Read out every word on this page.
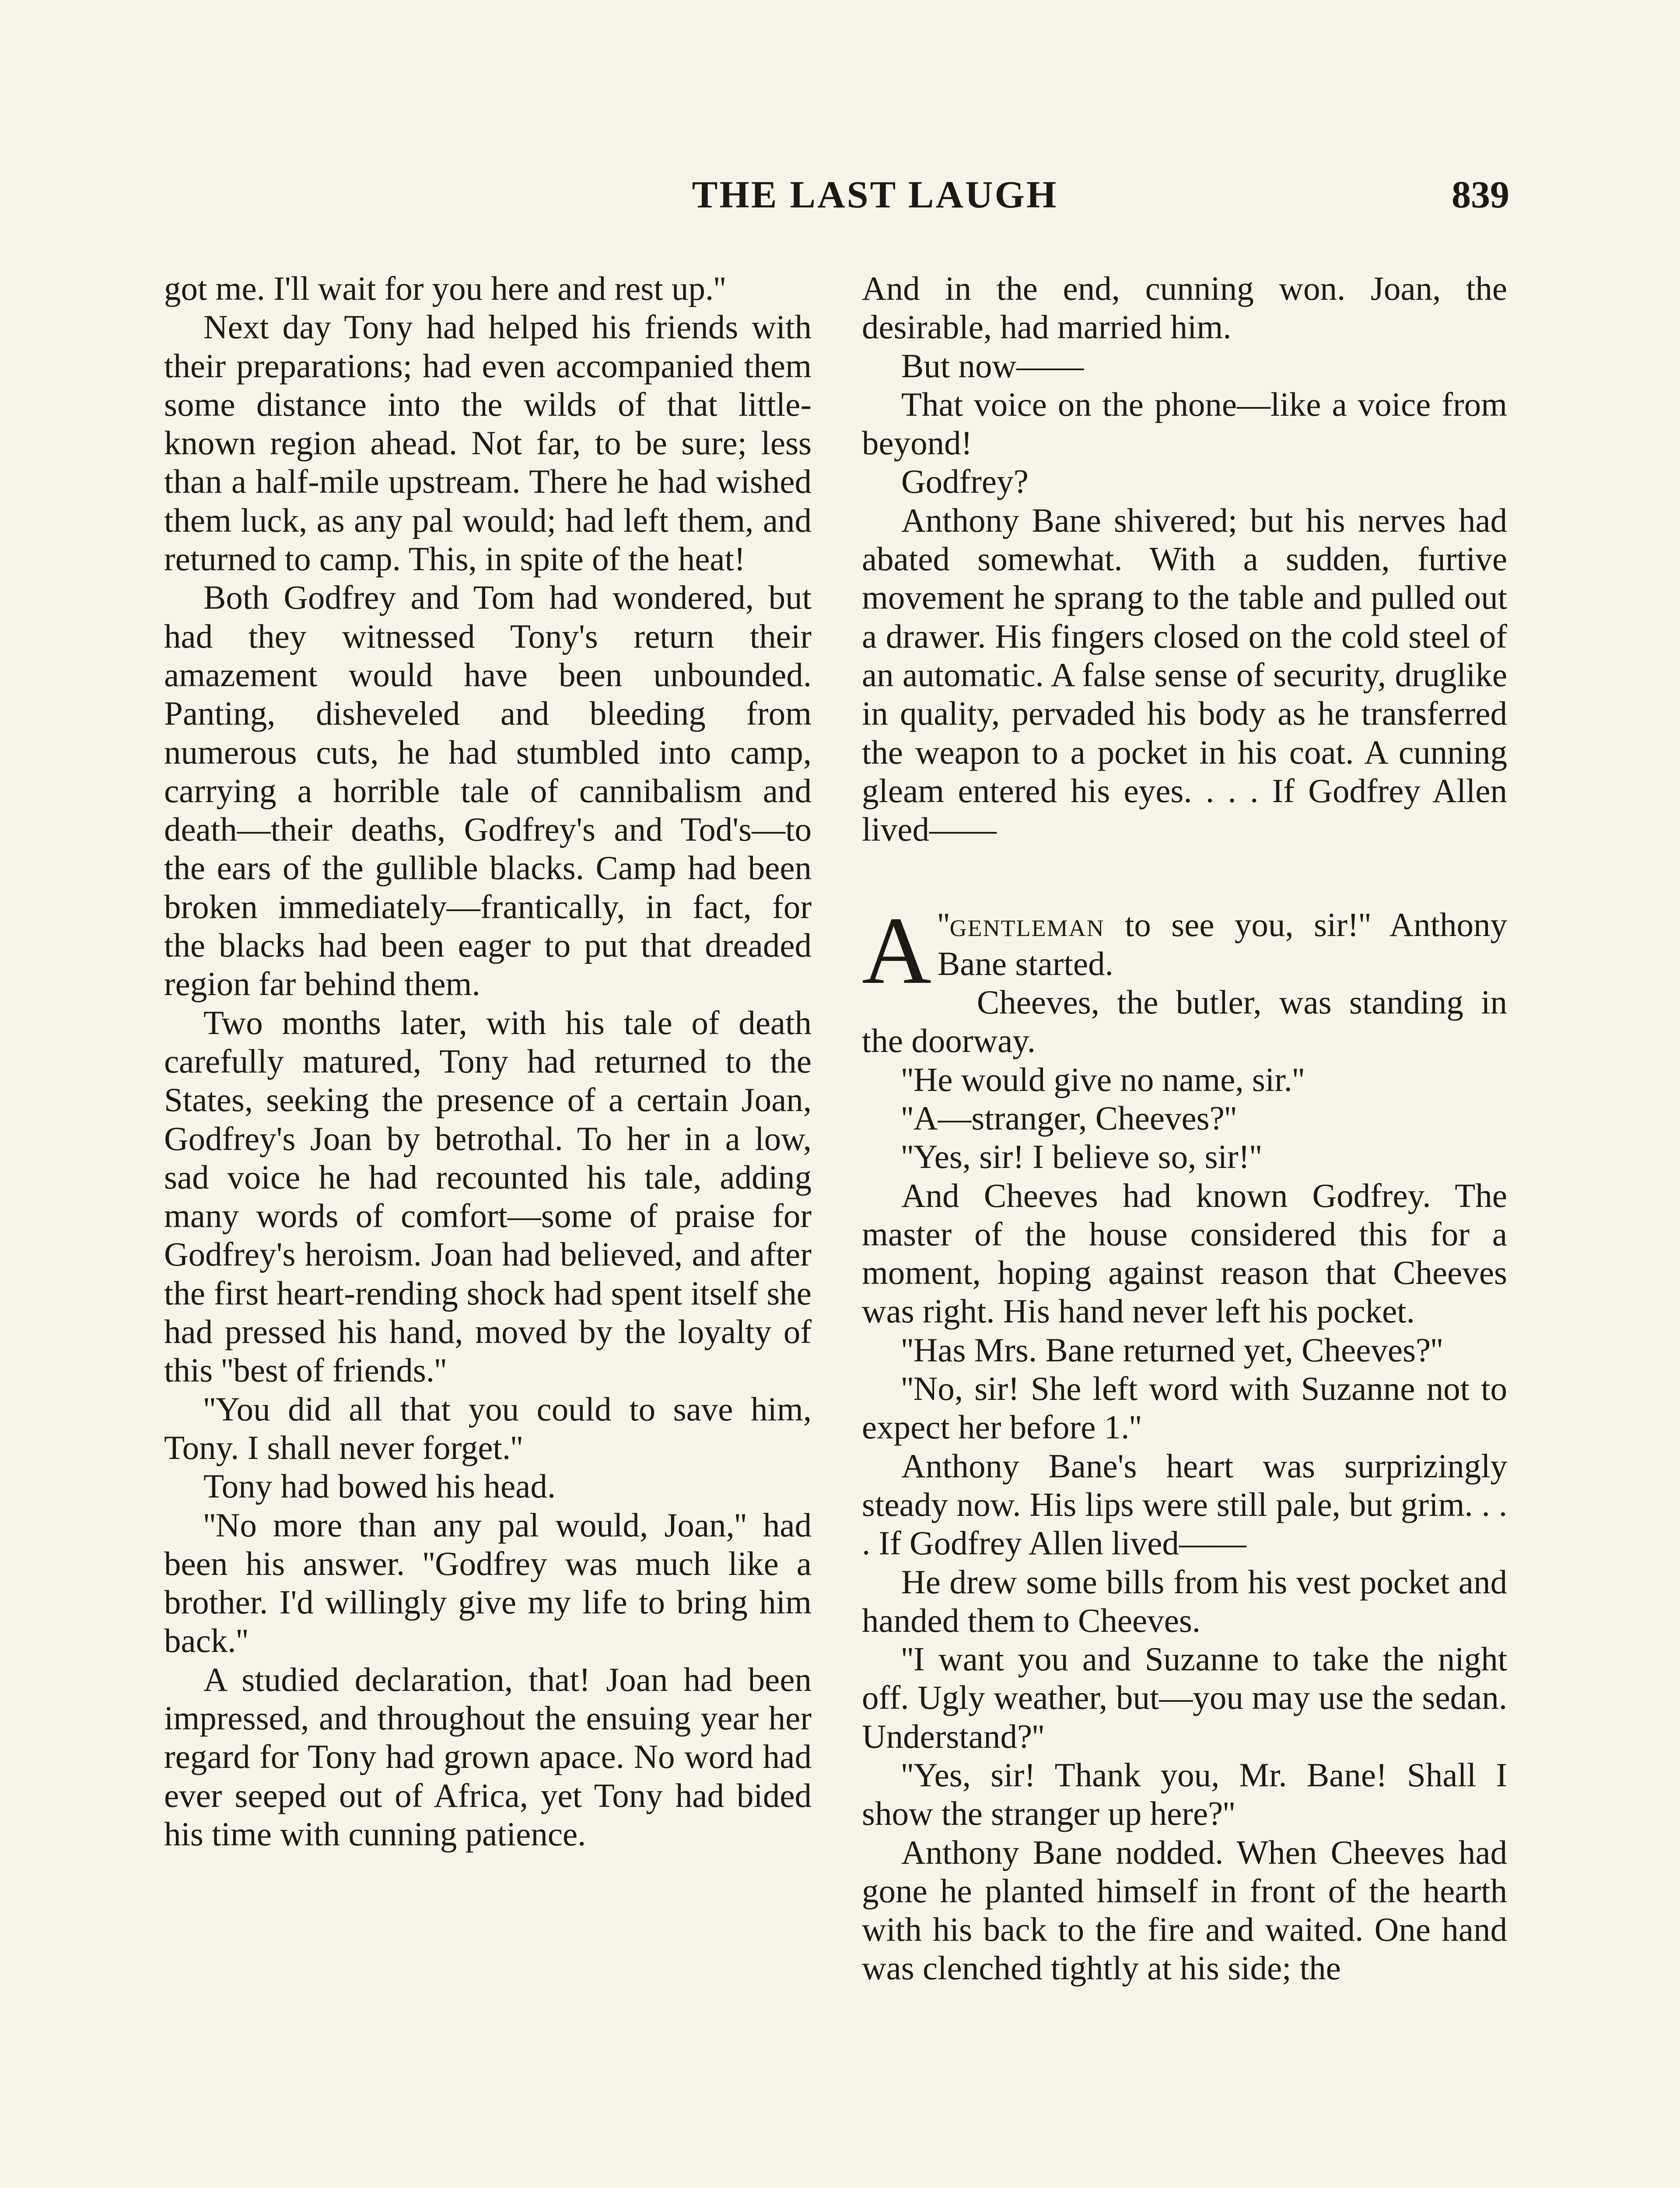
THE LAST LAUGH	839

got me. I'll wait for you here and rest up.''

Next day Tony had helped his friends with their preparations; had even accompanied them some distance into the wilds of that little-known region ahead. Not far, to be sure; less than a half-mile upstream. There he had wished them luck, as any pal would; had left them, and returned to camp. This, in spite of the heat!

Both Godfrey and Tom had wondered, but had they witnessed Tony's return their amazement would have been unbounded. Panting, disheveled and bleeding from numerous cuts, he had stumbled into camp, carrying a horrible tale of cannibalism and death—their deaths, Godfrey's and Tod's—to the ears of the gullible blacks. Camp had been broken immediately—frantically, in fact, for the blacks had been eager to put that dreaded region far behind them.

Two months later, with his tale of death carefully matured, Tony had returned to the States, seeking the presence of a certain Joan, Godfrey's Joan by betrothal. To her in a low, sad voice he had recounted his tale, adding many words of comfort—some of praise for Godfrey's heroism. Joan had believed, and after the first heart-rending shock had spent itself she had pressed his hand, moved by the loyalty of this ''best of friends.''

''You did all that you could to save him, Tony. I shall never forget.''

Tony had bowed his head.

''No more than any pal would, Joan,'' had been his answer. ''Godfrey was much like a brother. I'd willingly give my life to bring him back.''

A studied declaration, that! Joan had been impressed, and throughout the ensuing year her regard for Tony had grown apace. No word had ever seeped out of Africa, yet Tony had bided his time with cunning patience.

And in the end, cunning won. Joan, the desirable, had married him.

But now——

That voice on the phone—like a voice from beyond!

Godfrey?

Anthony Bane shivered; but his nerves had abated somewhat. With a sudden, furtive movement he sprang to the table and pulled out a drawer. His fingers closed on the cold steel of an automatic. A false sense of security, druglike in quality, pervaded his body as he transferred the weapon to a pocket in his coat. A cunning gleam entered his eyes. . . . If Godfrey Allen lived——

''
A gentleman to see you, sir!'' Anthony Bane started.

Cheeves, the butler, was standing in the doorway.

''He would give no name, sir.''

''A—stranger, Cheeves?''

''Yes, sir! I believe so, sir!''

And Cheeves had known Godfrey. The master of the house considered this for a moment, hoping against reason that Cheeves was right. His hand never left his pocket.

''Has Mrs. Bane returned yet, Cheeves?''

''No, sir! She left word with Suzanne not to expect her before 1.''

Anthony Bane's heart was surprizingly steady now. His lips were still pale, but grim. . . . If Godfrey Allen lived——

He drew some bills from his vest pocket and handed them to Cheeves.

''I want you and Suzanne to take the night off. Ugly weather, but—you may use the sedan. Understand?''

''Yes, sir! Thank you, Mr. Bane! Shall I show the stranger up here?''

Anthony Bane nodded. When Cheeves had gone he planted himself in front of the hearth with his back to the fire and waited. One hand was clenched tightly at his side; the
